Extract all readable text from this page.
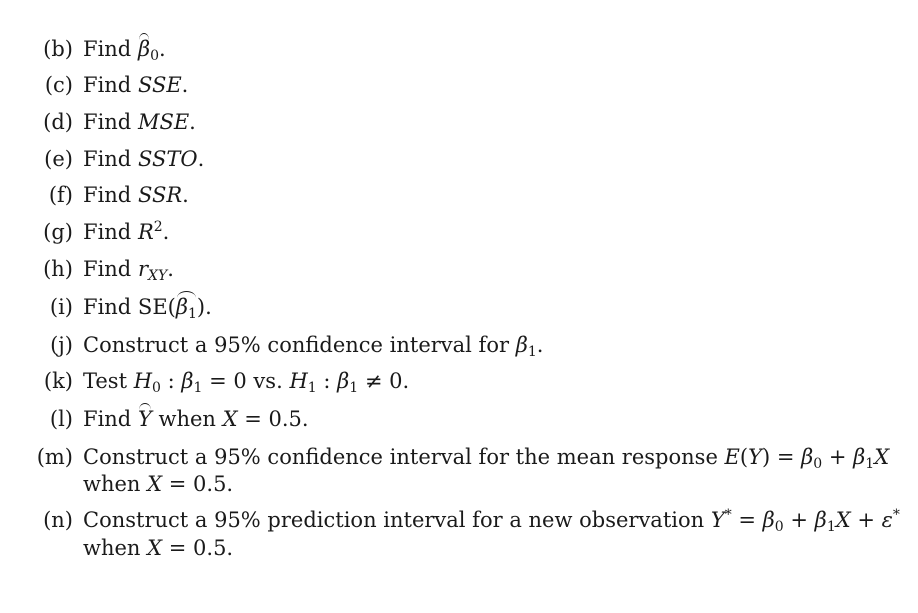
(b) Find $\beta_0$.
(c) Find SSE.
(d) Find MSE.
(e) Find SSTO.
(f) Find SSR.
(g) Find $R^2$.
(h) Find $r_{XY}$.
(i) Find $SE(\beta_1)$.
(j) Construct a 95% confidence interval for $\beta_1$.
(k) Test $H_0$ : $\beta_1 = 0$ vs. $H_1$ : $\beta_1 \ne 0$.
(l) Find Y when X = 0.5.
(m) Construct a 95% confidence interval for the mean response $E(Y) = \beta_0 + \beta_1X$
when X = 0.5.
(n) Construct a 95% prediction interval for a new observation $Y^* = \beta_0 + \beta_1X + \varepsilon^*$
when X = 0.5.
